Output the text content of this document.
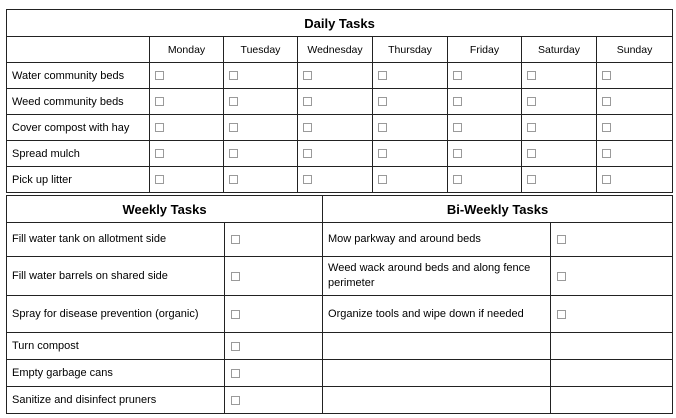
Daily Tasks							
	Monday	Tuesday	Wednesday	Thursday	Friday	Saturday	Sunday
Water community beds							
Weed community beds							
Cover compost with hay							
Spread mulch							
Pick up litter							
Weekly Tasks		Bi-Weekly Tasks	
Fill water tank on allotment side		Mow parkway and around beds	
Fill water barrels on shared side		Weed wack around beds and along fence perimeter	
Spray for disease prevention (organic)		Organize tools and wipe down if needed	
Turn compost			
Empty garbage cans			
Sanitize and disinfect pruners			
